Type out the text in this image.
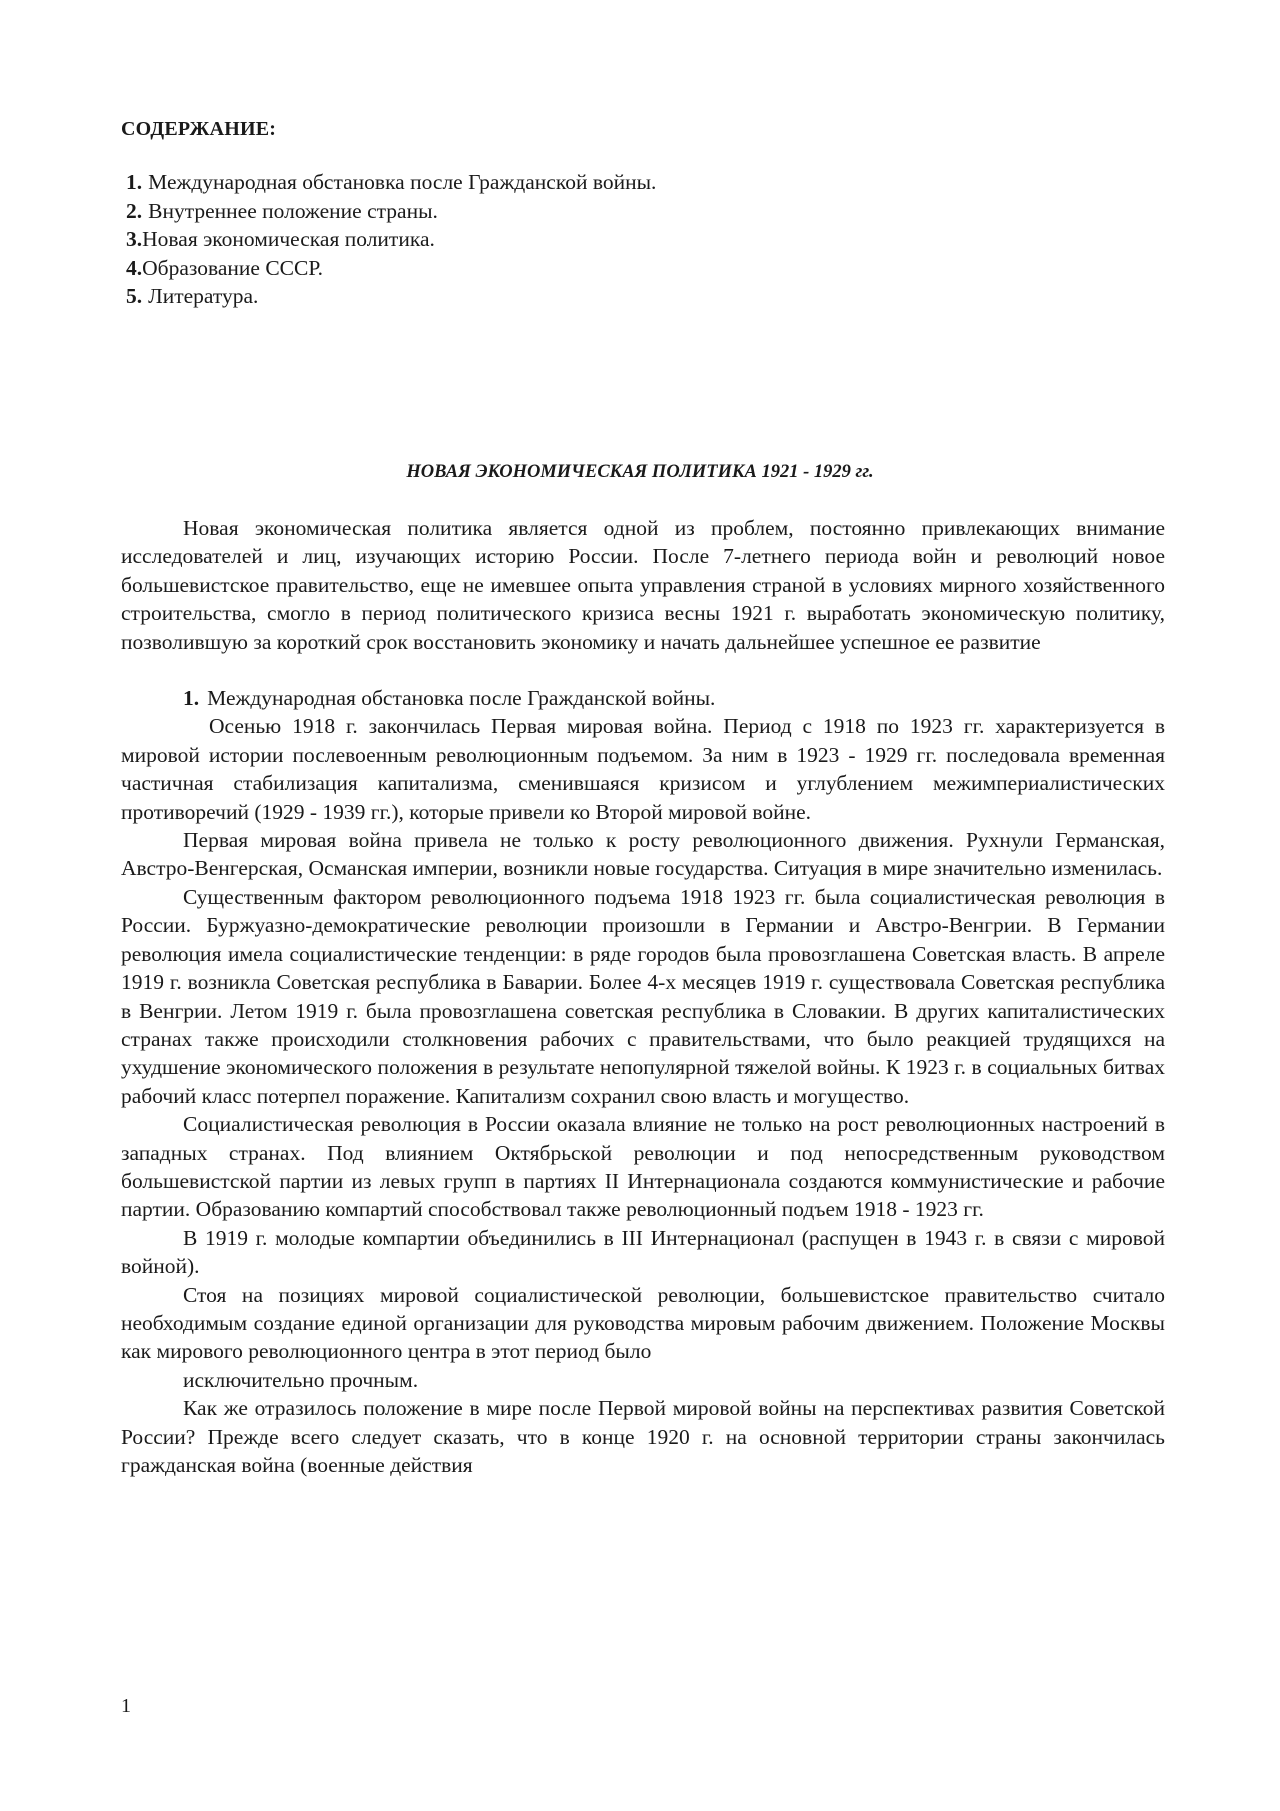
СОДЕРЖАНИЕ:
1. Международная обстановка после Гражданской войны.
2. Внутреннее положение страны.
3.Новая экономическая политика.
4.Образование СССР.
5. Литература.
НОВАЯ ЭКОНОМИЧЕСКАЯ ПОЛИТИКА 1921 - 1929 гг.

Новая экономическая политика является одной из проблем, постоянно привлекающих внимание исследователей и лиц, изучающих историю России. После 7-летнего периода войн и революций новое большевистское правительство, еще не имевшее опыта управления страной в условиях мирного хозяйственного строительства, смогло в период политического кризиса весны 1921 г. выработать экономическую политику, позволившую за короткий срок восстановить экономику и начать дальнейшее успешное ее развитие

1. Международная обстановка после Гражданской войны.

Осенью 1918 г. закончилась Первая мировая война. Период с 1918 по 1923 гг. характеризуется в мировой истории послевоенным революционным подъемом. За ним в 1923 - 1929 гг. последовала временная частичная стабилизация капитализма, сменившаяся кризисом и углублением межимпериалистических противоречий (1929 - 1939 гг.), которые привели ко Второй мировой войне.

Первая мировая война привела не только к росту революционного движения. Рухнули Германская, Австро-Венгерская, Османская империи, возникли новые государства. Ситуация в мире значительно изменилась.

Существенным фактором революционного подъема 1918 1923 гг. была социалистическая революция в России. Буржуазно-демократические революции произошли в Германии и Австро-Венгрии. В Германии революция имела социалистические тенденции: в ряде городов была провозглашена Советская власть. В апреле 1919 г. возникла Советская республика в Баварии. Более 4-х месяцев 1919 г. существовала Советская республика в Венгрии. Летом 1919 г. была провозглашена советская республика в Словакии. В других капиталистических странах также происходили столкновения рабочих с правительствами, что было реакцией трудящихся на ухудшение экономического положения в результате непопулярной тяжелой войны. К 1923 г. в социальных битвах рабочий класс потерпел поражение. Капитализм сохранил свою власть и могущество.

Социалистическая революция в России оказала влияние не только на рост революционных настроений в западных странах. Под влиянием Октябрьской революции и под непосредственным руководством большевистской партии из левых групп в партиях II Интернационала создаются коммунистические и рабочие партии. Образованию компартий способствовал также революционный подъем 1918 - 1923 гг.

В 1919 г. молодые компартии объединились в III Интернационал (распущен в 1943 г. в связи с мировой войной).

Стоя на позициях мировой социалистической революции, большевистское правительство считало необходимым создание единой организации для руководства мировым рабочим движением. Положение Москвы как мирового революционного центра в этот период было

исключительно прочным.

Как же отразилось положение в мире после Первой мировой войны на перспективах развития Советской России? Прежде всего следует сказать, что в конце 1920 г. на основной территории страны закончилась гражданская война (военные действия

1
